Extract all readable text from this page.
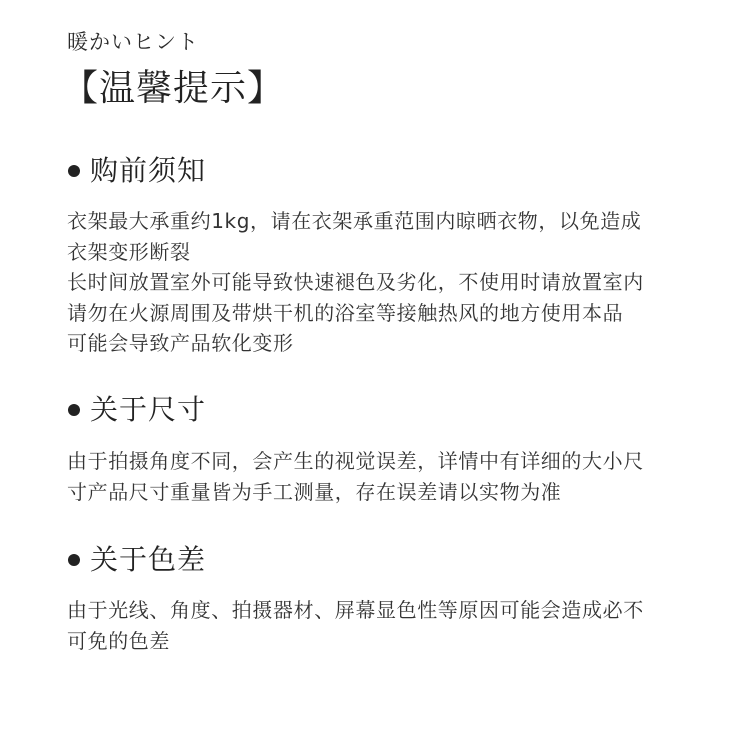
暖かいヒント
【温馨提示】
购前须知
衣架最大承重约1kg，请在衣架承重范围内晾晒衣物，以免造成
衣架变形断裂
长时间放置室外可能导致快速褪色及劣化，不使用时请放置室内
请勿在火源周围及带烘干机的浴室等接触热风的地方使用本品
可能会导致产品软化变形
关于尺寸
由于拍摄角度不同，会产生的视觉误差，详情中有详细的大小尺
寸产品尺寸重量皆为手工测量，存在误差请以实物为准
关于色差
由于光线、角度、拍摄器材、屏幕显色性等原因可能会造成必不
可免的色差
